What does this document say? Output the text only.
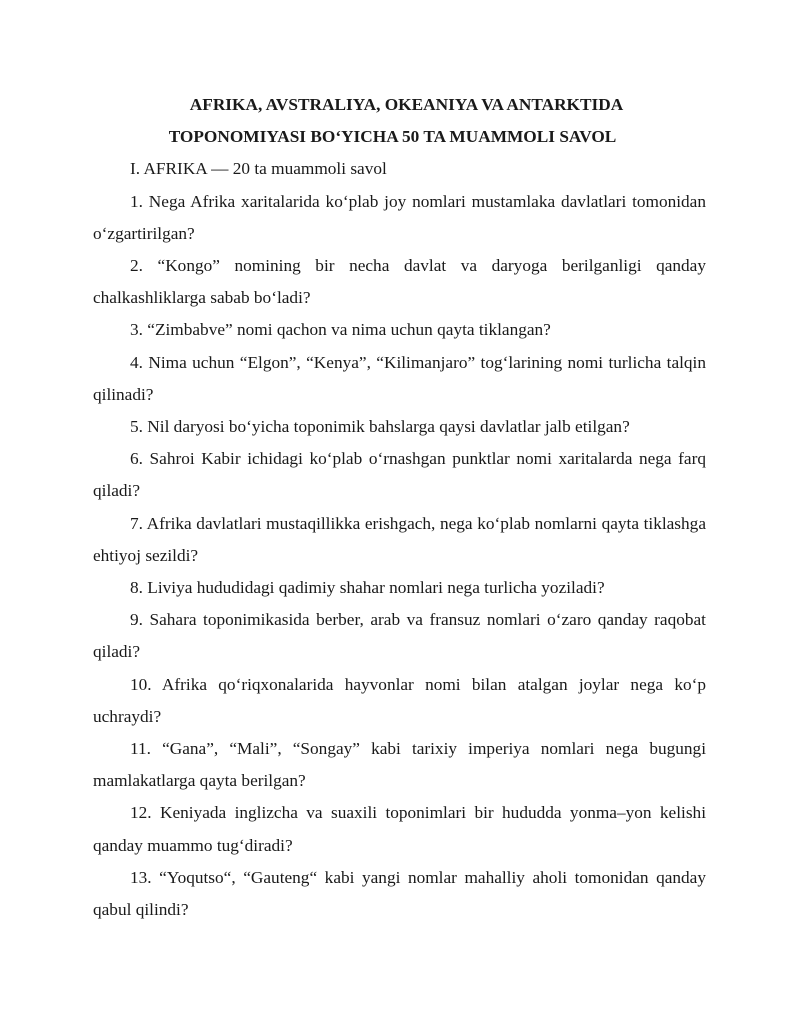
AFRIKA, AVSTRALIYA, OKEANIYA VA ANTARKTIDA
TOPONOMIYASI BO‘YICHA 50 TA MUAMMOLI SAVOL

I. AFRIKA — 20 ta muammoli savol

1. Nega Afrika xaritalarida ko‘plab joy nomlari mustamlaka davlatlari tomonidan o‘zgartirilgan?

2. “Kongo” nomining bir necha davlat va daryoga berilganligi qanday chalkashliklarga sabab bo‘ladi?

3. “Zimbabve” nomi qachon va nima uchun qayta tiklangan?

4. Nima uchun “Elgon”, “Kenya”, “Kilimanjaro” tog‘larining nomi turlicha talqin qilinadi?

5. Nil daryosi bo‘yicha toponimik bahslarga qaysi davlatlar jalb etilgan?

6. Sahroi Kabir ichidagi ko‘plab o‘rnashgan punktlar nomi xaritalarda nega farq qiladi?

7. Afrika davlatlari mustaqillikka erishgach, nega ko‘plab nomlarni qayta tiklashga ehtiyoj sezildi?

8. Liviya hududidagi qadimiy shahar nomlari nega turlicha yoziladi?

9. Sahara toponimikasida berber, arab va fransuz nomlari o‘zaro qanday raqobat qiladi?

10. Afrika qo‘riqxonalarida hayvonlar nomi bilan atalgan joylar nega ko‘p uchraydi?

11. “Gana”, “Mali”, “Songay” kabi tarixiy imperiya nomlari nega bugungi mamlakatlarga qayta berilgan?

12. Keniyada inglizcha va suaxili toponimlari bir hududda yonma–yon kelishi qanday muammo tug‘diradi?

13. “Yoqutso“, “Gauteng“ kabi yangi nomlar mahalliy aholi tomonidan qanday qabul qilindi?
